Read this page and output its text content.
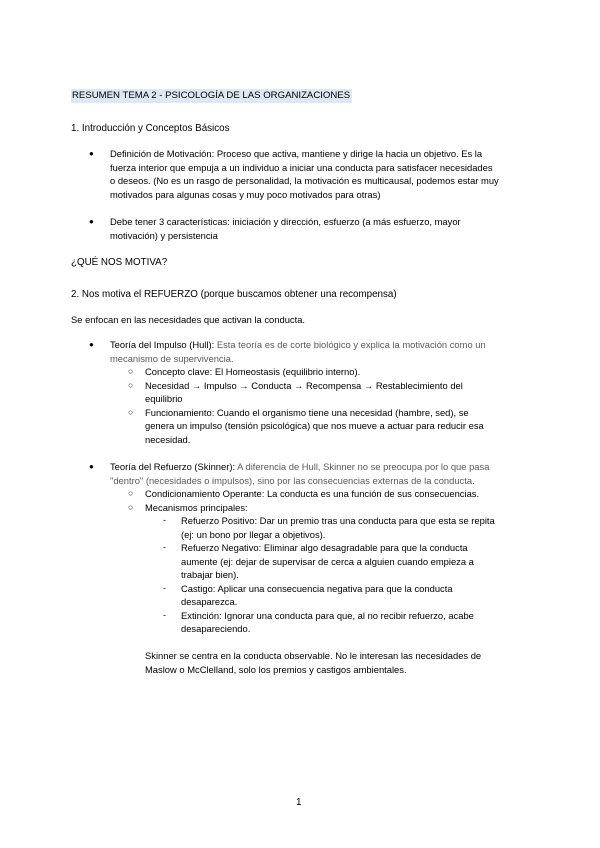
RESUMEN TEMA 2 - PSICOLOGÍA DE LAS ORGANIZACIONES
1. Introducción y Conceptos Básicos
● Definición de Motivación: Proceso que activa, mantiene y dirige la hacia un objetivo. Es la
fuerza interior que empuja a un individuo a iniciar una conducta para satisfacer necesidades
o deseos. (No es un rasgo de personalidad, la motivación es multicausal, podemos estar muy
motivados para algunas cosas y muy poco motivados para otras)
● Debe tener 3 características: iniciación y dirección, esfuerzo (a más esfuerzo, mayor
motivación) y persistencia
¿QUÉ NOS MOTIVA?
2. Nos motiva el REFUERZO (porque buscamos obtener una recompensa)
Se enfocan en las necesidades que activan la conducta.
● Teoría del Impulso (Hull): Esta teoría es de corte biológico y explica la motivación como un
mecanismo de supervivencia.
○ Concepto clave: El Homeostasis (equilibrio interno).
○ Necesidad → Impulso → Conducta → Recompensa → Restablecimiento del
equilibrio
○ Funcionamiento: Cuando el organismo tiene una necesidad (hambre, sed), se
genera un impulso (tensión psicológica) que nos mueve a actuar para reducir esa
necesidad.
● Teoría del Refuerzo (Skinner): A diferencia de Hull, Skinner no se preocupa por lo que pasa
"dentro" (necesidades o impulsos), sino por las consecuencias externas de la conducta.
○ Condicionamiento Operante: La conducta es una función de sus consecuencias.
○ Mecanismos principales:
- Refuerzo Positivo: Dar un premio tras una conducta para que esta se repita
(ej: un bono por llegar a objetivos).
- Refuerzo Negativo: Eliminar algo desagradable para que la conducta
aumente (ej: dejar de supervisar de cerca a alguien cuando empieza a
trabajar bien).
- Castigo: Aplicar una consecuencia negativa para que la conducta
desaparezca.
- Extinción: Ignorar una conducta para que, al no recibir refuerzo, acabe
desapareciendo.
Skinner se centra en la conducta observable. No le interesan las necesidades de
Maslow o McClelland, solo los premios y castigos ambientales.
1
